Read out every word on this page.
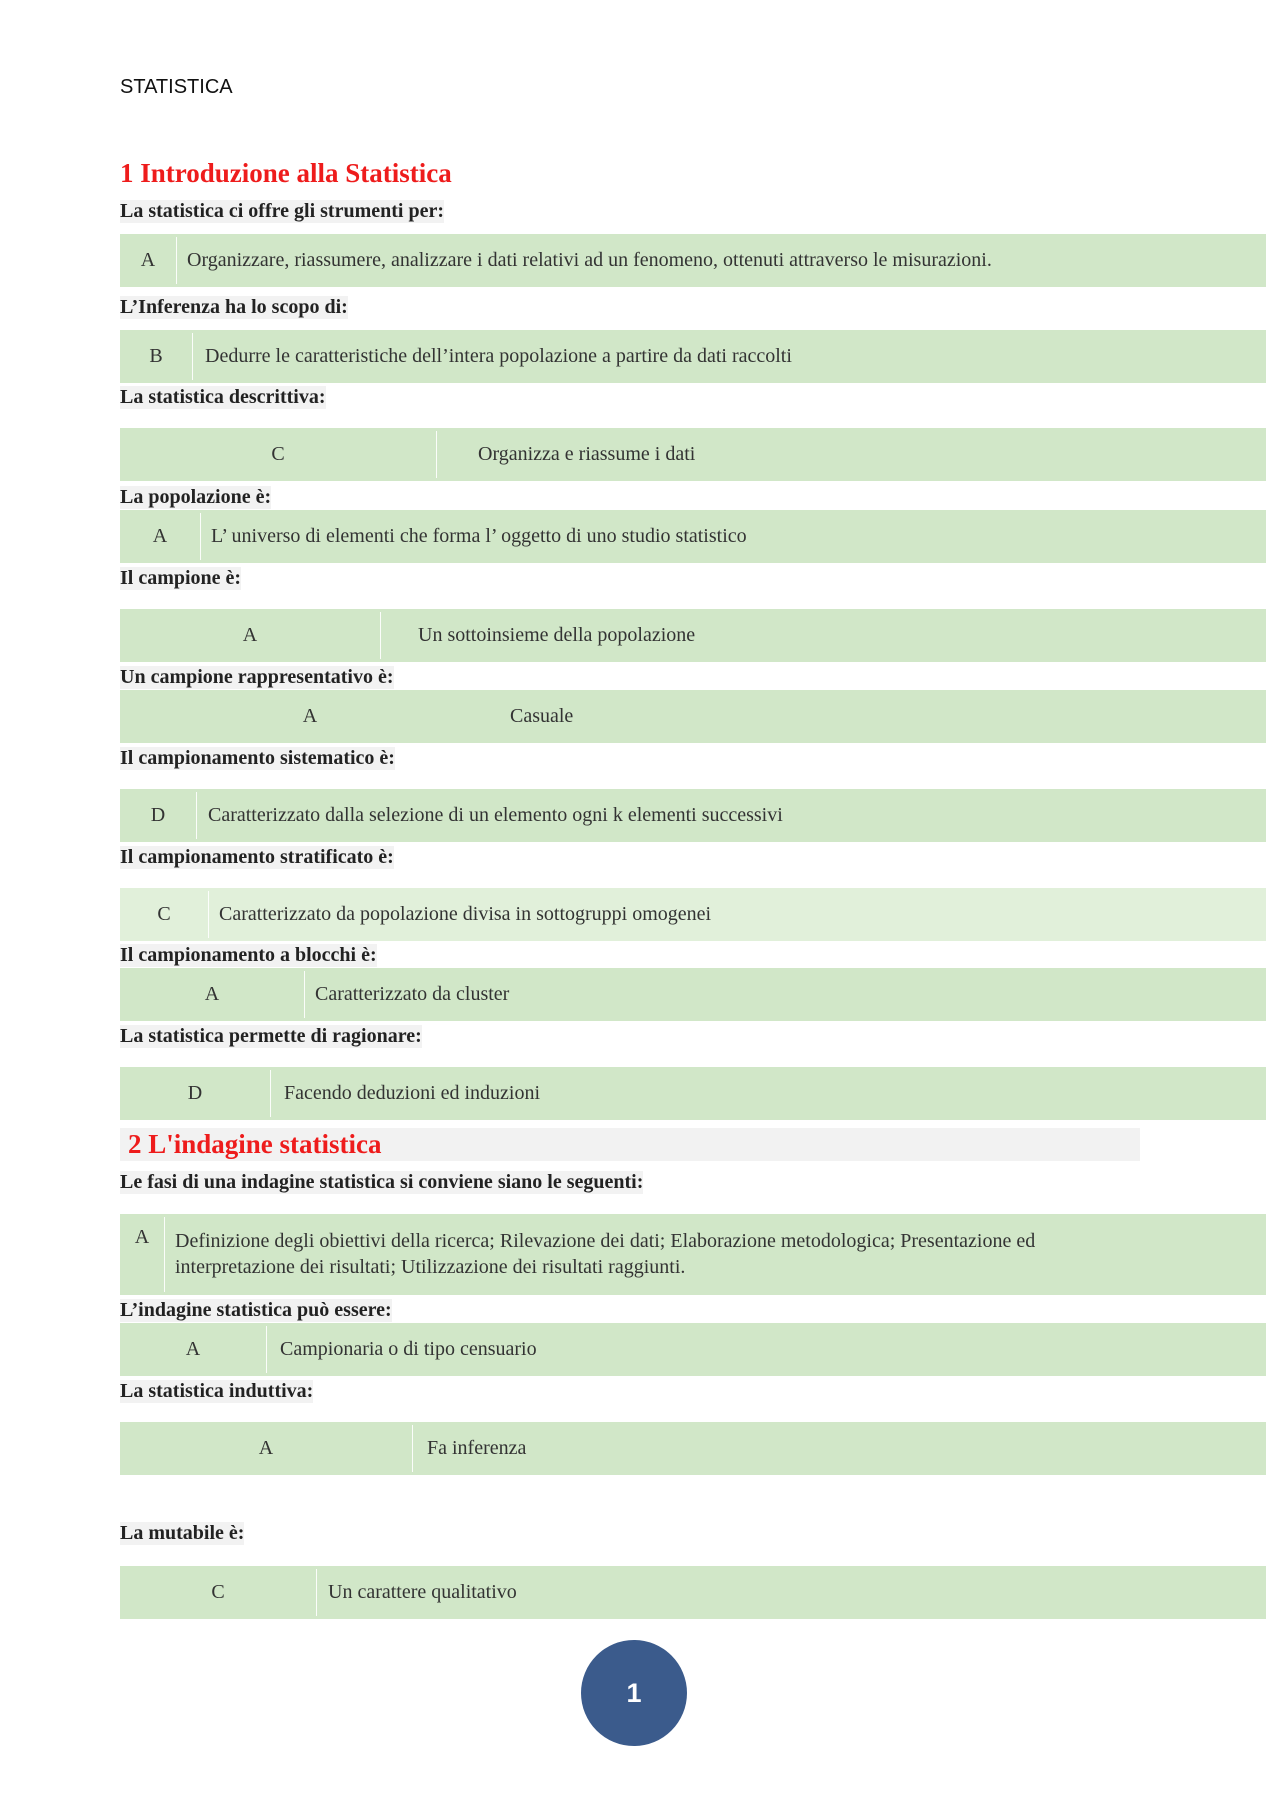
STATISTICA
1 Introduzione alla Statistica
La statistica ci offre gli strumenti per:
A	Organizzare, riassumere, analizzare i dati relativi ad un fenomeno, ottenuti attraverso le misurazioni.
L’Inferenza ha lo scopo di:
B	Dedurre le caratteristiche dell’intera popolazione a partire da dati raccolti
La statistica descrittiva:
C	Organizza e riassume i dati
La popolazione è:
A	L’ universo di elementi che forma l’ oggetto di uno studio statistico
Il campione è:
A	Un sottoinsieme della popolazione
Un campione rappresentativo è:
A	Casuale
Il campionamento sistematico è:
D	Caratterizzato dalla selezione di un elemento ogni k elementi successivi
Il campionamento stratificato è:
C	Caratterizzato da popolazione divisa in sottogruppi omogenei
Il campionamento a blocchi è:
A	Caratterizzato da cluster
La statistica permette di ragionare:
D	Facendo deduzioni ed induzioni
2 L'indagine statistica
Le fasi di una indagine statistica si conviene siano le seguenti:
A	Definizione degli obiettivi della ricerca; Rilevazione dei dati; Elaborazione metodologica; Presentazione ed
interpretazione dei risultati; Utilizzazione dei risultati raggiunti.
L’indagine statistica può essere:
A	Campionaria o di tipo censuario
La statistica induttiva:
A	Fa inferenza
La mutabile è:
C	Un carattere qualitativo
1
